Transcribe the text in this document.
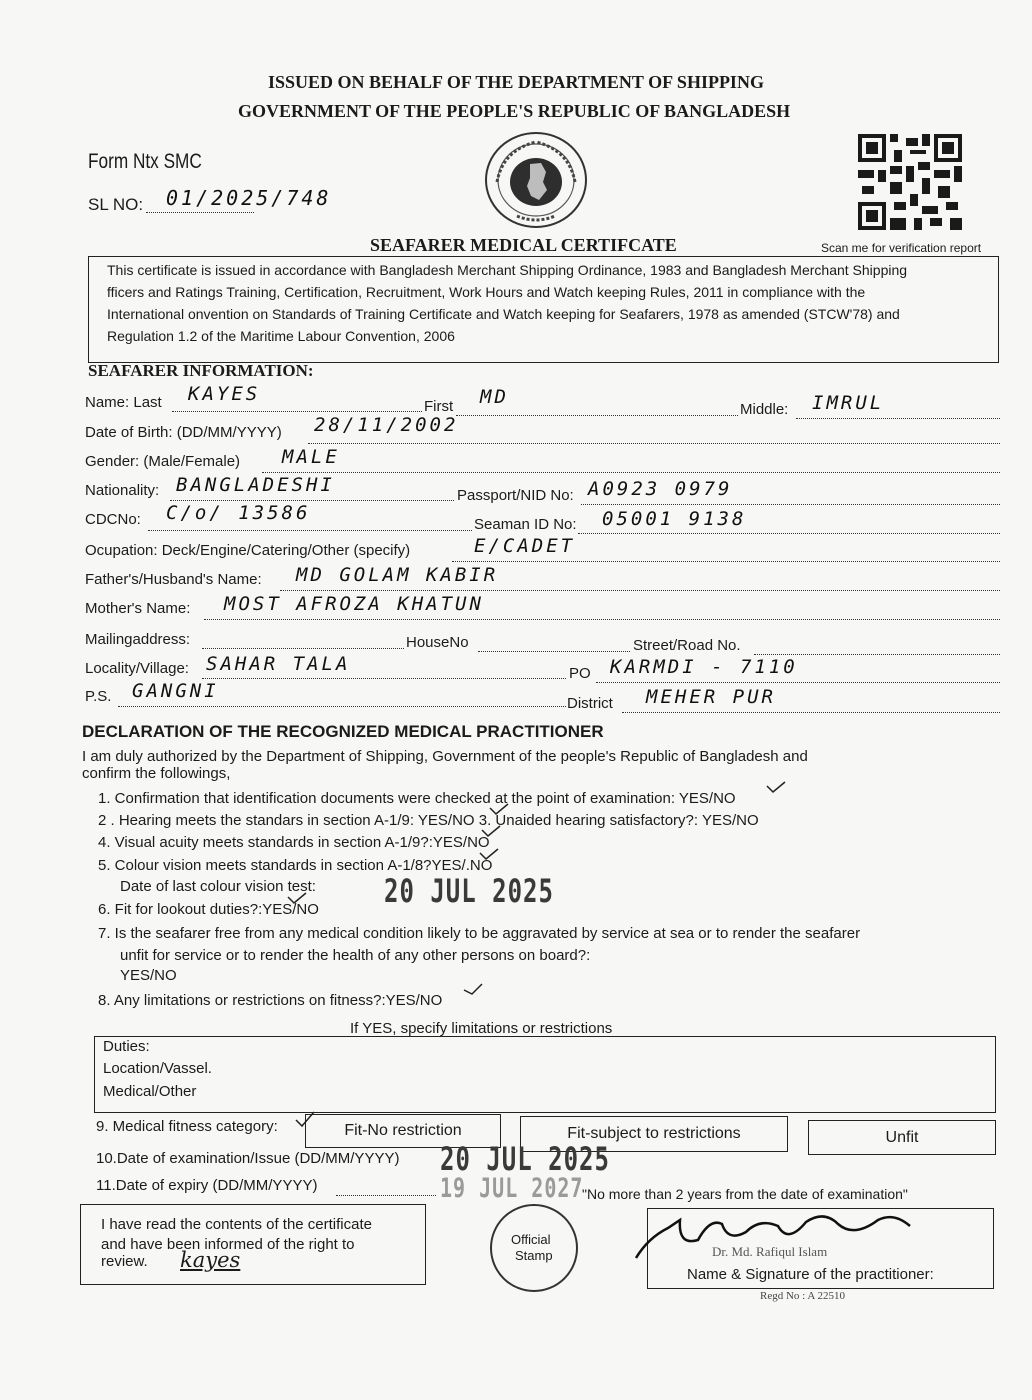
ISSUED ON BEHALF OF THE DEPARTMENT OF SHIPPING
GOVERNMENT OF THE PEOPLE'S REPUBLIC OF BANGLADESH
Form Ntx SMC
SL NO: 01/2025/748
Scan me for verification report
SEAFARER MEDICAL CERTIFCATE
This certificate is issued in accordance with Bangladesh Merchant Shipping Ordinance, 1983 and Bangladesh Merchant Shipping
fficers and Ratings Training, Certification, Recruitment, Work Hours and Watch keeping Rules, 2011 in compliance with the
International onvention on Standards of Training Certificate and Watch keeping for Seafarers, 1978 as amended (STCW'78) and
Regulation 1.2 of the Maritime Labour Convention, 2006
SEAFARER INFORMATION:
Name: Last KAYES
First MD
Middle: IMRUL
Date of Birth: (DD/MM/YYYY) 28/11/2002
Gender: (Male/Female) MALE
Nationality: BANGLADESHI	Passport/NID No: A0923 0979
CDCNo: C/o/ 13586
Seaman ID No: 05001 9138
Ocupation: Deck/Engine/Catering/Other (specify)	E/CADET
Father's/Husband's Name: MD GOLAM KABIR
Mother's Name: MOST AFROZA KHATUN
Mailingaddress:	HouseNo	Street/Road No.
Locality/Village: SAHAR TALA	PO KARMDI - 7110
P.S. GANGNI
District MEHER PUR
DECLARATION OF THE RECOGNIZED MEDICAL PRACTITIONER
I am duly authorized by the Department of Shipping, Government of the people's Republic of Bangladesh and
confirm the followings,
1. Confirmation that identification documents were checked at the point of examination: YES/NO
2 . Hearing meets the standars in section A-1/9: YES/NO 3. Unaided hearing satisfactory?: YES/NO
4. Visual acuity meets standards in section A-1/9?:YES/NO
5. Colour vision meets standards in section A-1/8?YES/.NO
Date of last colour vision test:	20 JUL 2025
6. Fit for lookout duties?:YES/NO
7. Is the seafarer free from any medical condition likely to be aggravated by service at sea or to render the seafarer
unfit for service or to render the health of any other persons on board?:
YES/NO
8. Any limitations or restrictions on fitness?:YES/NO
If YES, specify limitations or restrictions
Duties:
Location/Vassel.
Medical/Other
9. Medical fitness category:	Fit-No restriction	Fit-subject to restrictions	Unfit
10.Date of examination/Issue (DD/MM/YYYY) 20 JUL 2025
11.Date of expiry (DD/MM/YYYY)	19 JUL 2027
"No more than 2 years from the date of examination"
I have read the contents of the certificate
and have been informed of the right to
review. kayes
Official
Stamp	Dr. Md. Rafiqul Islam
Name & Signature of the practitioner:
Regd No : A 22510
